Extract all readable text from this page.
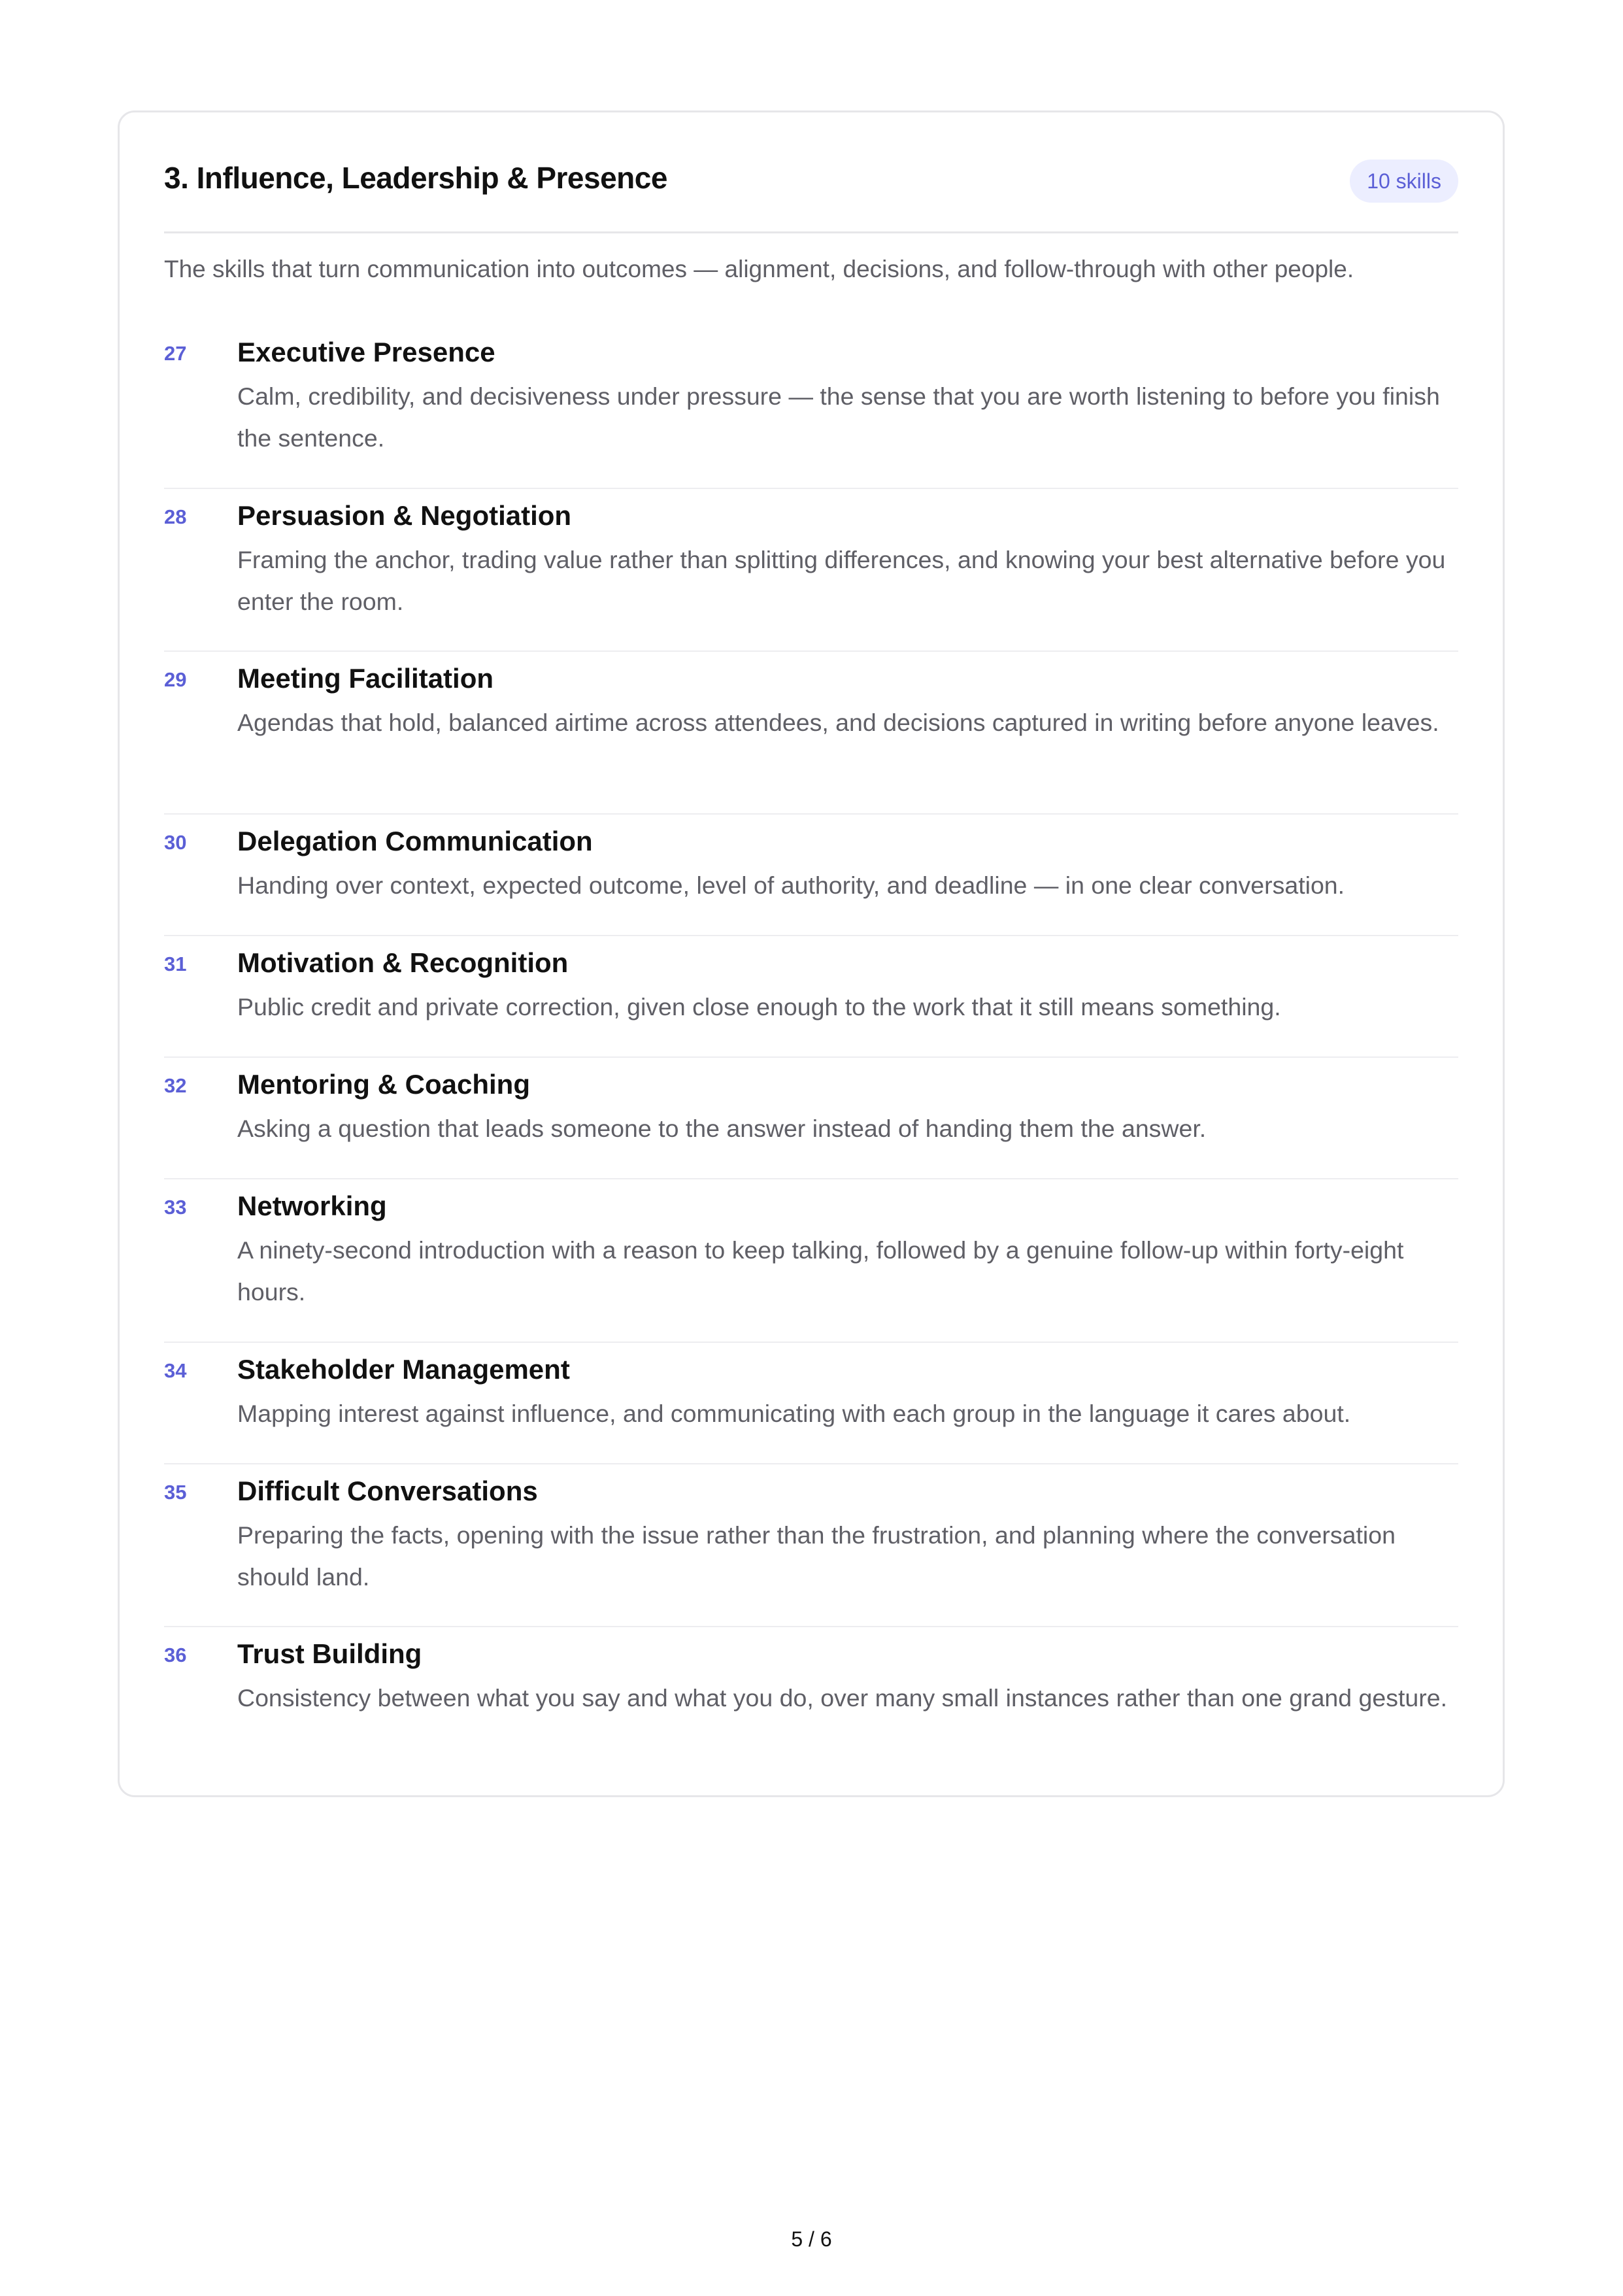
3. Influence, Leadership & Presence	10 skills
The skills that turn communication into outcomes — alignment, decisions, and follow-through with other people.
27 Executive Presence
Calm, credibility, and decisiveness under pressure — the sense that you are worth listening to before you finish the sentence.
28 Persuasion & Negotiation
Framing the anchor, trading value rather than splitting differences, and knowing your best alternative before you enter the room.
29 Meeting Facilitation
Agendas that hold, balanced airtime across attendees, and decisions captured in writing before anyone leaves.
30 Delegation Communication
Handing over context, expected outcome, level of authority, and deadline — in one clear conversation.
31 Motivation & Recognition
Public credit and private correction, given close enough to the work that it still means something.
32 Mentoring & Coaching
Asking a question that leads someone to the answer instead of handing them the answer.
33 Networking
A ninety-second introduction with a reason to keep talking, followed by a genuine follow-up within forty-eight hours.
34 Stakeholder Management
Mapping interest against influence, and communicating with each group in the language it cares about.
35 Difficult Conversations
Preparing the facts, opening with the issue rather than the frustration, and planning where the conversation should land.
36 Trust Building
Consistency between what you say and what you do, over many small instances rather than one grand gesture.
5 / 6
